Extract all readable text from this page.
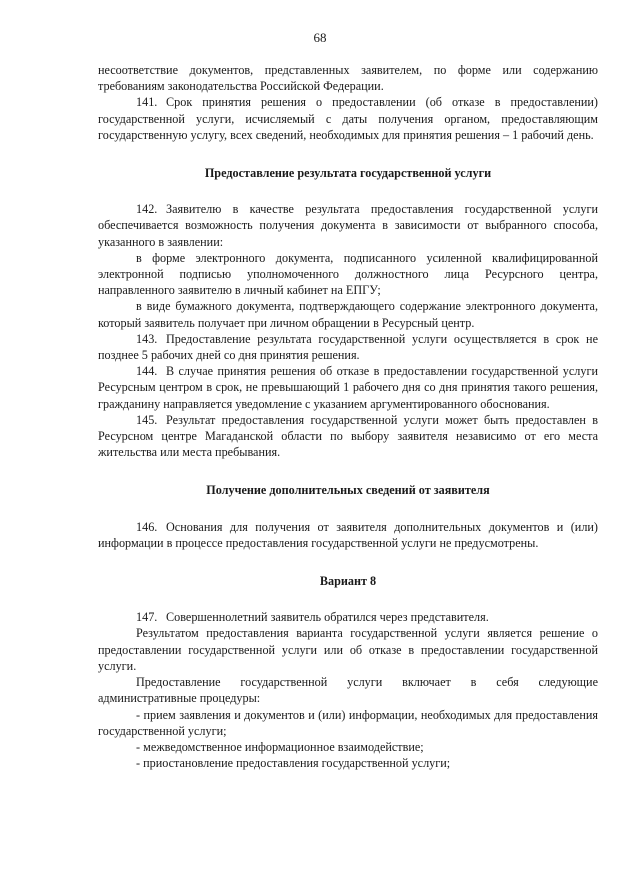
68

несоответствие документов, представленных заявителем, по форме или содержанию требованиям законодательства Российской Федерации.

141. Срок принятия решения о предоставлении (об отказе в предоставлении) государственной услуги, исчисляемый с даты получения органом, предоставляющим государственную услугу, всех сведений, необходимых для принятия решения – 1 рабочий день.

Предоставление результата государственной услуги

142. Заявителю в качестве результата предоставления государственной услуги обеспечивается возможность получения документа в зависимости от выбранного способа, указанного в заявлении:

в форме электронного документа, подписанного усиленной квалифицированной электронной подписью уполномоченного должностного лица Ресурсного центра, направленного заявителю в личный кабинет на ЕПГУ;

в виде бумажного документа, подтверждающего содержание электронного документа, который заявитель получает при личном обращении в Ресурсный центр.

143. Предоставление результата государственной услуги осуществляется в срок не позднее 5 рабочих дней со дня принятия решения.

144. В случае принятия решения об отказе в предоставлении государственной услуги Ресурсным центром в срок, не превышающий 1 рабочего дня со дня принятия такого решения, гражданину направляется уведомление с указанием аргументированного обоснования.

145. Результат предоставления государственной услуги может быть предоставлен в Ресурсном центре Магаданской области по выбору заявителя независимо от его места жительства или места пребывания.

Получение дополнительных сведений от заявителя

146. Основания для получения от заявителя дополнительных документов и (или) информации в процессе предоставления государственной услуги не предусмотрены.

Вариант 8

147. Совершеннолетний заявитель обратился через представителя.

Результатом предоставления варианта государственной услуги является решение о предоставлении государственной услуги или об отказе в предоставлении государственной услуги.

Предоставление государственной услуги включает в себя следующие административные процедуры:

- прием заявления и документов и (или) информации, необходимых для предоставления государственной услуги;

- межведомственное информационное взаимодействие;

- приостановление предоставления государственной услуги;
